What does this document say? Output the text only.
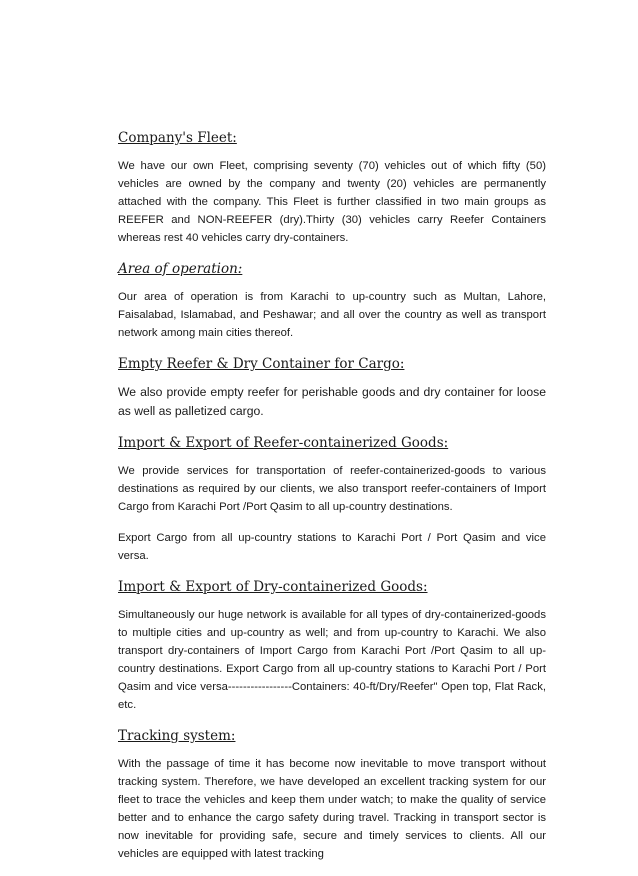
Company's Fleet:

We have our own Fleet, comprising seventy (70) vehicles out of which fifty (50) vehicles are owned by the company and twenty (20) vehicles are permanently attached with the company. This Fleet is further classified in two main groups as REEFER and NON-REEFER (dry).Thirty (30) vehicles carry Reefer Containers whereas rest 40 vehicles carry dry-containers.

Area of operation:

Our area of operation is from Karachi to up-country such as Multan, Lahore, Faisalabad, Islamabad, and Peshawar; and all over the country as well as transport network among main cities thereof.

Empty Reefer & Dry Container for Cargo:

We also provide empty reefer for perishable goods and dry container for loose as well as palletized cargo.

Import & Export of Reefer-containerized Goods:

We provide services for transportation of reefer-containerized-goods to various destinations as required by our clients, we also transport reefer-containers of Import Cargo from Karachi Port /Port Qasim to all up-country destinations.

Export Cargo from all up-country stations to Karachi Port / Port Qasim and vice versa.

Import & Export of Dry-containerized Goods:

Simultaneously our huge network is available for all types of dry-containerized-goods to multiple cities and up-country as well; and from up-country to Karachi. We also transport dry-containers of Import Cargo from Karachi Port /Port Qasim to all up-country destinations. Export Cargo from all up-country stations to Karachi Port / Port Qasim and vice versa-----------------Containers: 40-ft/Dry/Reefer" Open top, Flat Rack, etc.

Tracking system:

With the passage of time it has become now inevitable to move transport without tracking system. Therefore, we have developed an excellent tracking system for our fleet to trace the vehicles and keep them under watch; to make the quality of service better and to enhance the cargo safety during travel. Tracking in transport sector is now inevitable for providing safe, secure and timely services to clients. All our vehicles are equipped with latest tracking
